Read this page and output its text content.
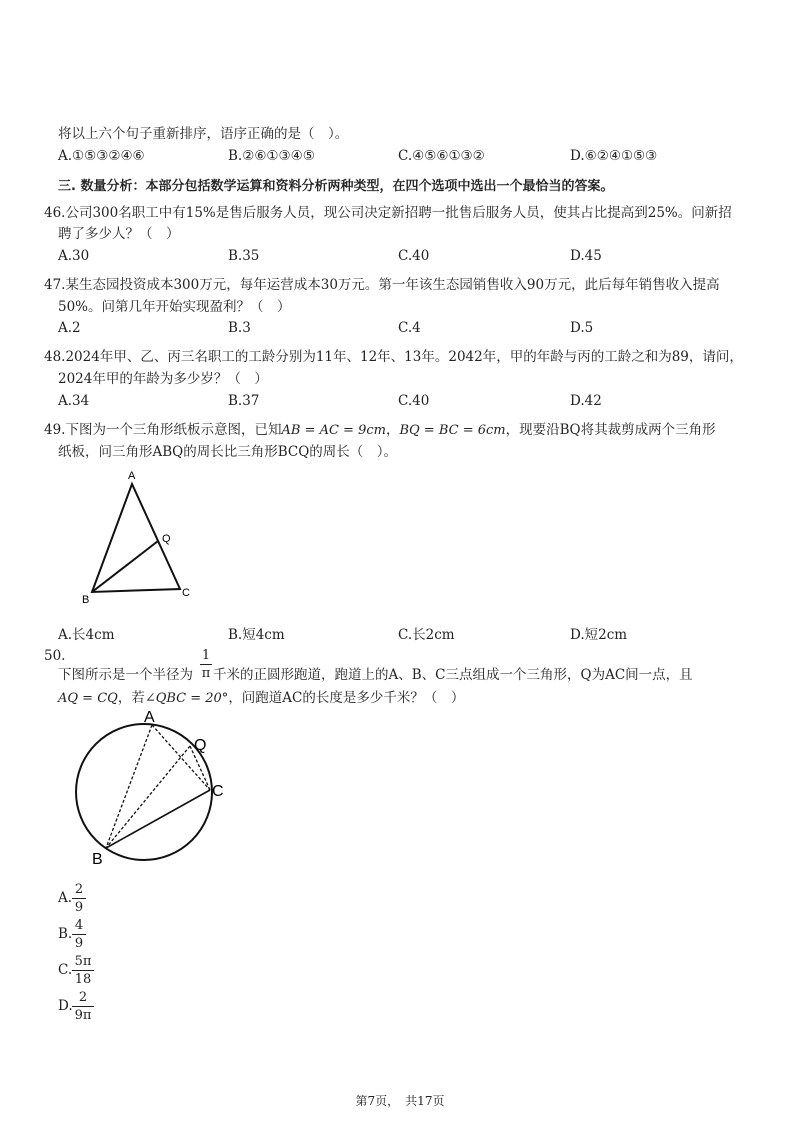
将以上六个句子重新排序，语序正确的是（　）。
A.①⑤③②④⑥	B.②⑥①③④⑤	C.④⑤⑥①③②	D.⑥②④①⑤③
三. 数量分析：本部分包括数学运算和资料分析两种类型，在四个选项中选出一个最恰当的答案。
46.公司300名职工中有15%是售后服务人员，现公司决定新招聘一批售后服务人员，使其占比提高到25%。问新招
聘了多少人？（　）
A.30	B.35	C.40	D.45
47.某生态园投资成本300万元，每年运营成本30万元。第一年该生态园销售收入90万元，此后每年销售收入提高
50%。问第几年开始实现盈利？（　）
A.2	B.3	C.4	D.5
48.2024年甲、乙、丙三名职工的工龄分别为11年、12年、13年。2042年，甲的年龄与丙的工龄之和为89，请问，
2024年甲的年龄为多少岁？（　）
A.34	B.37	C.40	D.42
49.下图为一个三角形纸板示意图，已知AB = AC = 9cm，BQ = BC = 6cm，现要沿BQ将其裁剪成两个三角形
纸板，问三角形ABQ的周长比三角形BCQ的周长（　）。
A
B
C
Q
A.长4cm	B.短4cm	C.长2cm	D.短2cm
50.
下图所示是一个半径为 千米的正圆形跑道，跑道上的A、B、C三点组成一个三角形，Q为AC间一点，且
1
π
AQ = CQ，若∠QBC = 20°，问跑道AC的长度是多少千米？（　）
A
B
C
Q
A.
2
9
B.
4
9
C.
5π
18
D.
2
9π
第7页，　共17页
